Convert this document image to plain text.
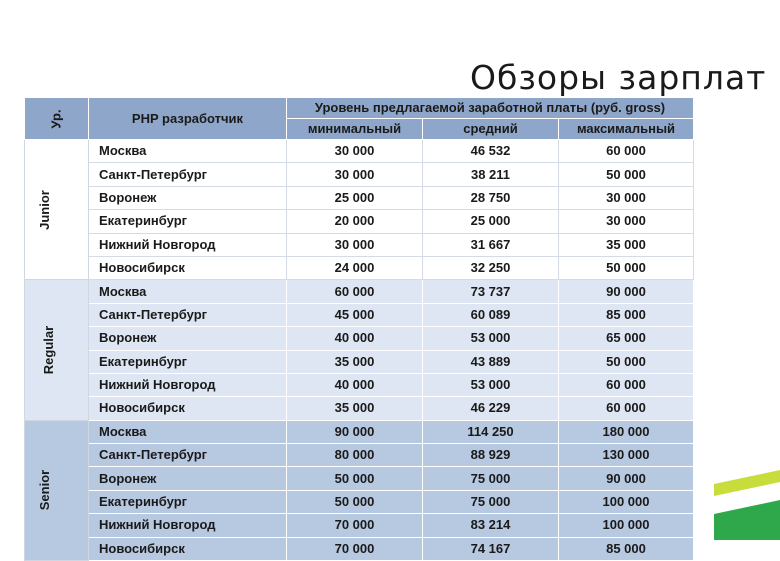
Обзоры зарплат
Ур.	PHP разработчик	Уровень предлагаемой заработной платы (руб. gross)		
		минимальный	средний	максимальный
Junior	Москва	30 000	46 532	60 000
	Санкт-Петербург	30 000	38 211	50 000
	Воронеж	25 000	28 750	30 000
	Екатеринбург	20 000	25 000	30 000
	Нижний Новгород	30 000	31 667	35 000
	Новосибирск	24 000	32 250	50 000
Regular	Москва	60 000	73 737	90 000
	Санкт-Петербург	45 000	60 089	85 000
	Воронеж	40 000	53 000	65 000
	Екатеринбург	35 000	43 889	50 000
	Нижний Новгород	40 000	53 000	60 000
	Новосибирск	35 000	46 229	60 000
Senior	Москва	90 000	114 250	180 000
	Санкт-Петербург	80 000	88 929	130 000
	Воронеж	50 000	75 000	90 000
	Екатеринбург	50 000	75 000	100 000
	Нижний Новгород	70 000	83 214	100 000
	Новосибирск	70 000	74 167	85 000
